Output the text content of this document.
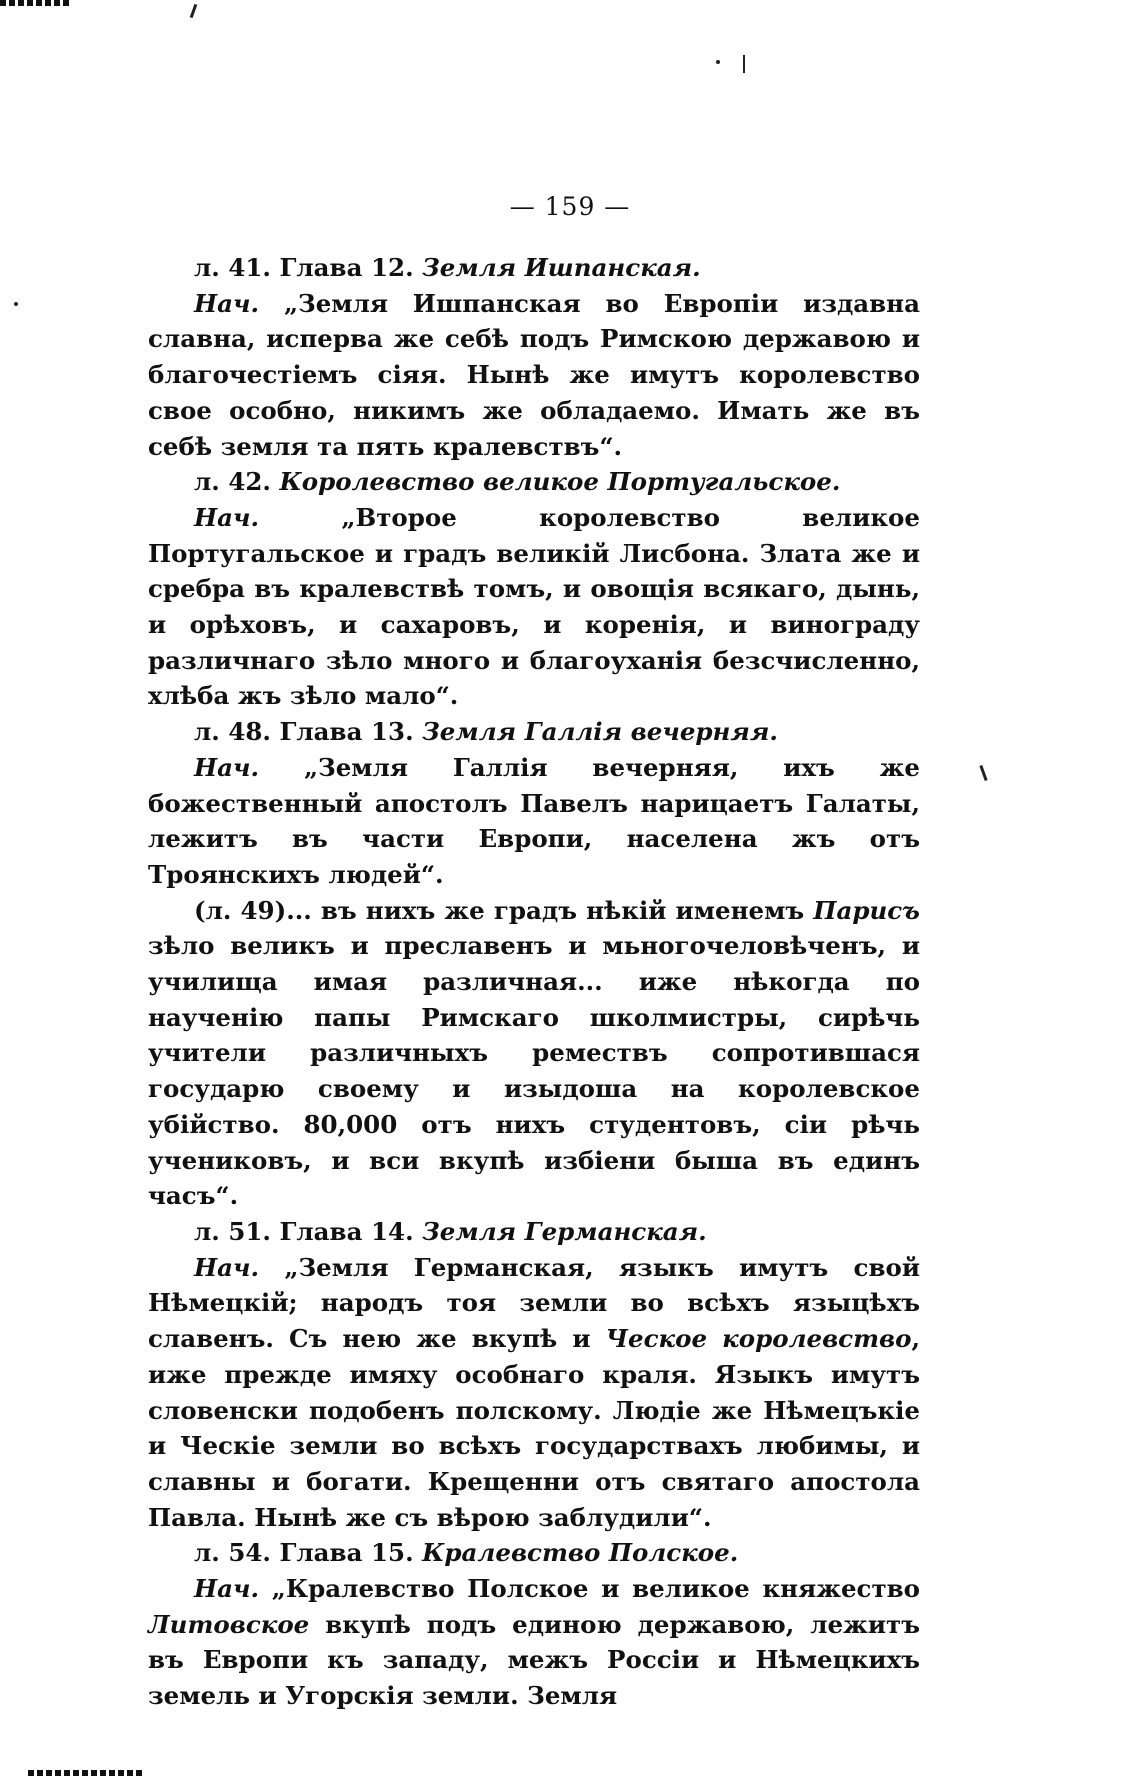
— 159 —

л. 41. Глава 12. Земля Ишпанская.

Нач. „Земля Ишпанская во Европіи издавна славна, исперва же себѣ подъ Римскою державою и благочестіемъ сіяя. Нынѣ же имутъ королевство свое особно, никимъ же обладаемо. Имать же въ себѣ земля та пять кралевствъ“.

л. 42. Королевство великое Португальское.

Нач. „Второе королевство великое Португальское и градъ великій Лисбона. Злата же и сребра въ кралевствѣ томъ, и овощія всякаго, дынь, и орѣховъ, и сахаровъ, и коренія, и винограду различнаго зѣло много и благоуханія безсчисленно, хлѣба жъ зѣло мало“.

л. 48. Глава 13. Земля Галлія вечерняя.

Нач. „Земля Галлія вечерняя, ихъ же божественный апостолъ Павелъ нарицаетъ Галаты, лежитъ въ части Европи, населена жъ отъ Троянскихъ людей“.

(л. 49)... въ нихъ же градъ нѣкій именемъ Парисъ зѣло великъ и преславенъ и мьногочеловѣченъ, и училища имая различная... иже нѣкогда по наученію папы Римскаго школмистры, сирѣчь учители различныхъ ремествъ сопротившася государю своему и изыдоша на королевское убійство. 80,000 отъ нихъ студентовъ, сіи рѣчь учениковъ, и вси вкупѣ избіени быша въ единъ часъ“.

л. 51. Глава 14. Земля Германская.

Нач. „Земля Германская, языкъ имутъ свой Нѣмецкій; народъ тоя земли во всѣхъ языцѣхъ славенъ. Съ нею же вкупѣ и Ческое королевство, иже прежде имяху особнаго краля. Языкъ имутъ словенски подобенъ полскому. Людіе же Нѣмецъкіе и Ческіе земли во всѣхъ государствахъ любимы, и славны и богати. Крещенни отъ святаго апостола Павла. Нынѣ же съ вѣрою заблудили“.

л. 54. Глава 15. Кралевство Полское.

Нач. „Кралевство Полское и великое княжество Литовское вкупѣ подъ единою державою, лежитъ въ Европи къ западу, межъ Россіи и Нѣмецкихъ земель и Угорскія земли. Земля
